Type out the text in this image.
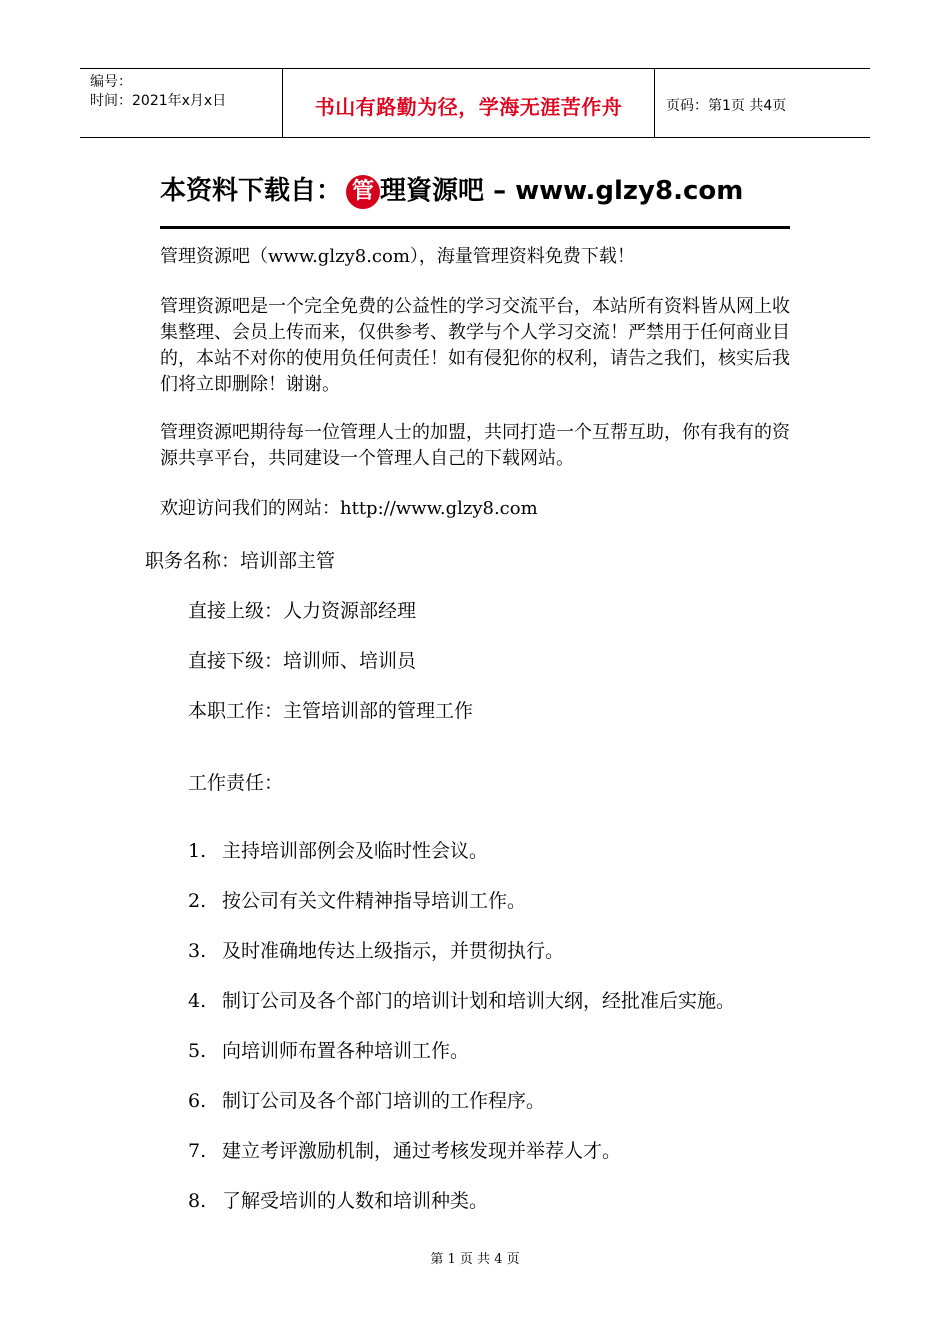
编号：
时间：2021年x月x日	书山有路勤为径，学海无涯苦作舟	页码：第1页 共4页
本资料下载自： 管 理資源吧 – www.glzy8.com

管理资源吧（www.glzy8.com），海量管理资料免费下载！

管理资源吧是一个完全免费的公益性的学习交流平台，本站所有资料皆从网上收集整理、会员上传而来，仅供参考、教学与个人学习交流！严禁用于任何商业目的，本站不对你的使用负任何责任！如有侵犯你的权利，请告之我们，核实后我们将立即删除！谢谢。

管理资源吧期待每一位管理人士的加盟，共同打造一个互帮互助，你有我有的资源共享平台，共同建设一个管理人自己的下载网站。

欢迎访问我们的网站：http://www.glzy8.com

职务名称：培训部主管
直接上级：人力资源部经理
直接下级：培训师、培训员
本职工作：主管培训部的管理工作
工作责任：
1. 主持培训部例会及临时性会议。
2. 按公司有关文件精神指导培训工作。
3. 及时准确地传达上级指示，并贯彻执行。
4. 制订公司及各个部门的培训计划和培训大纲，经批准后实施。
5. 向培训师布置各种培训工作。
6. 制订公司及各个部门培训的工作程序。
7. 建立考评激励机制，通过考核发现并举荐人才。
8. 了解受培训的人数和培训种类。
第 1 页 共 4 页
